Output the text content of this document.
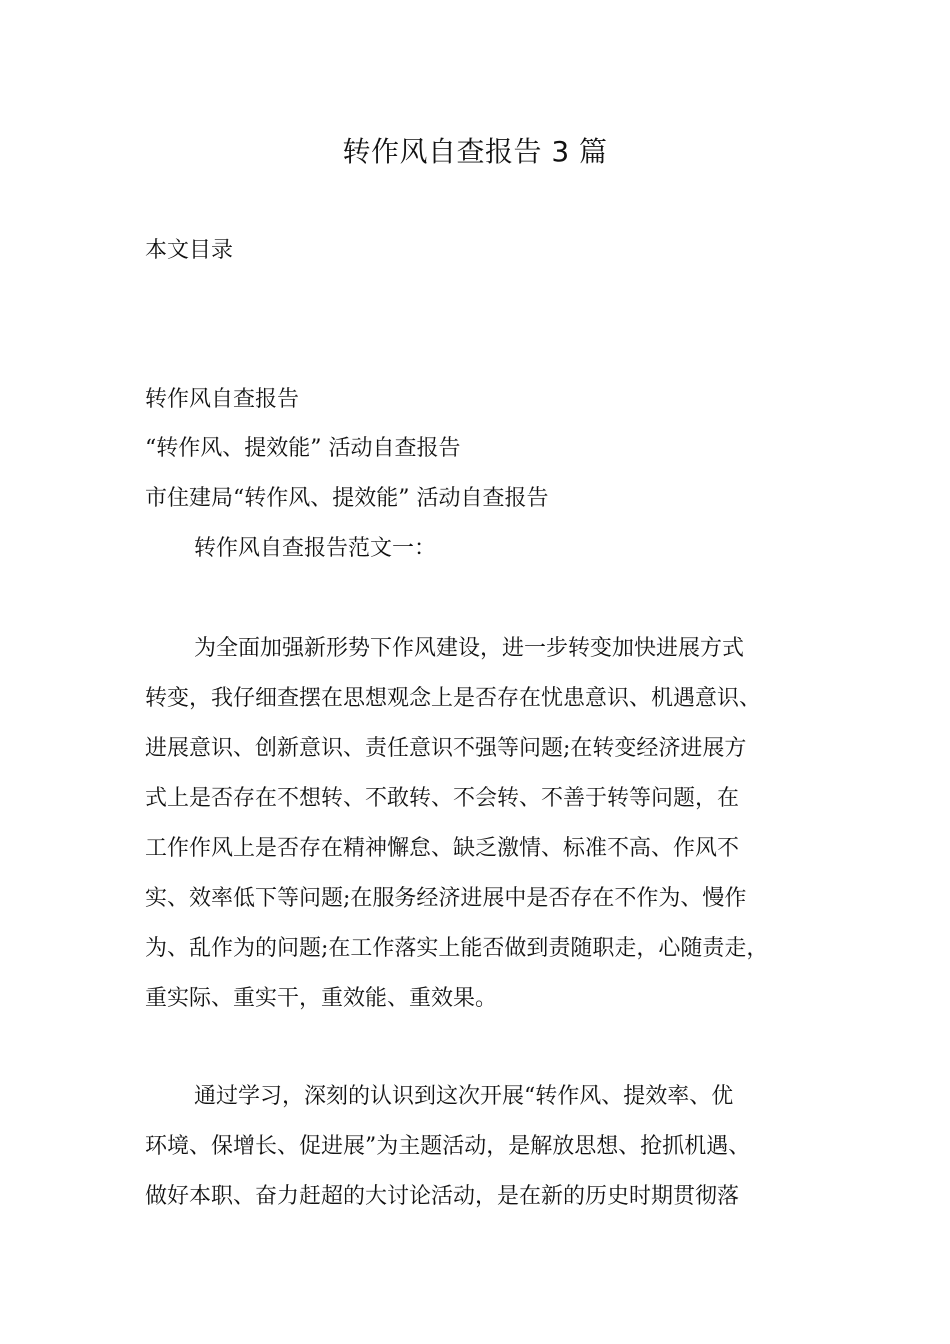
转作风自查报告 3 篇
本文目录
转作风自查报告
“转作风、提效能” 活动自查报告
市住建局“转作风、提效能” 活动自查报告
转作风自查报告范文一：
为全面加强新形势下作风建设，进一步转变加快进展方式
转变，我仔细查摆在思想观念上是否存在忧患意识、机遇意识、
进展意识、创新意识、责任意识不强等问题;在转变经济进展方
式上是否存在不想转、不敢转、不会转、不善于转等问题，在
工作作风上是否存在精神懈怠、缺乏激情、标准不高、作风不
实、效率低下等问题;在服务经济进展中是否存在不作为、慢作
为、乱作为的问题;在工作落实上能否做到责随职走，心随责走，
重实际、重实干，重效能、重效果。
通过学习，深刻的认识到这次开展“转作风、提效率、优
环境、保增长、促进展”为主题活动，是解放思想、抢抓机遇、
做好本职、奋力赶超的大讨论活动，是在新的历史时期贯彻落
